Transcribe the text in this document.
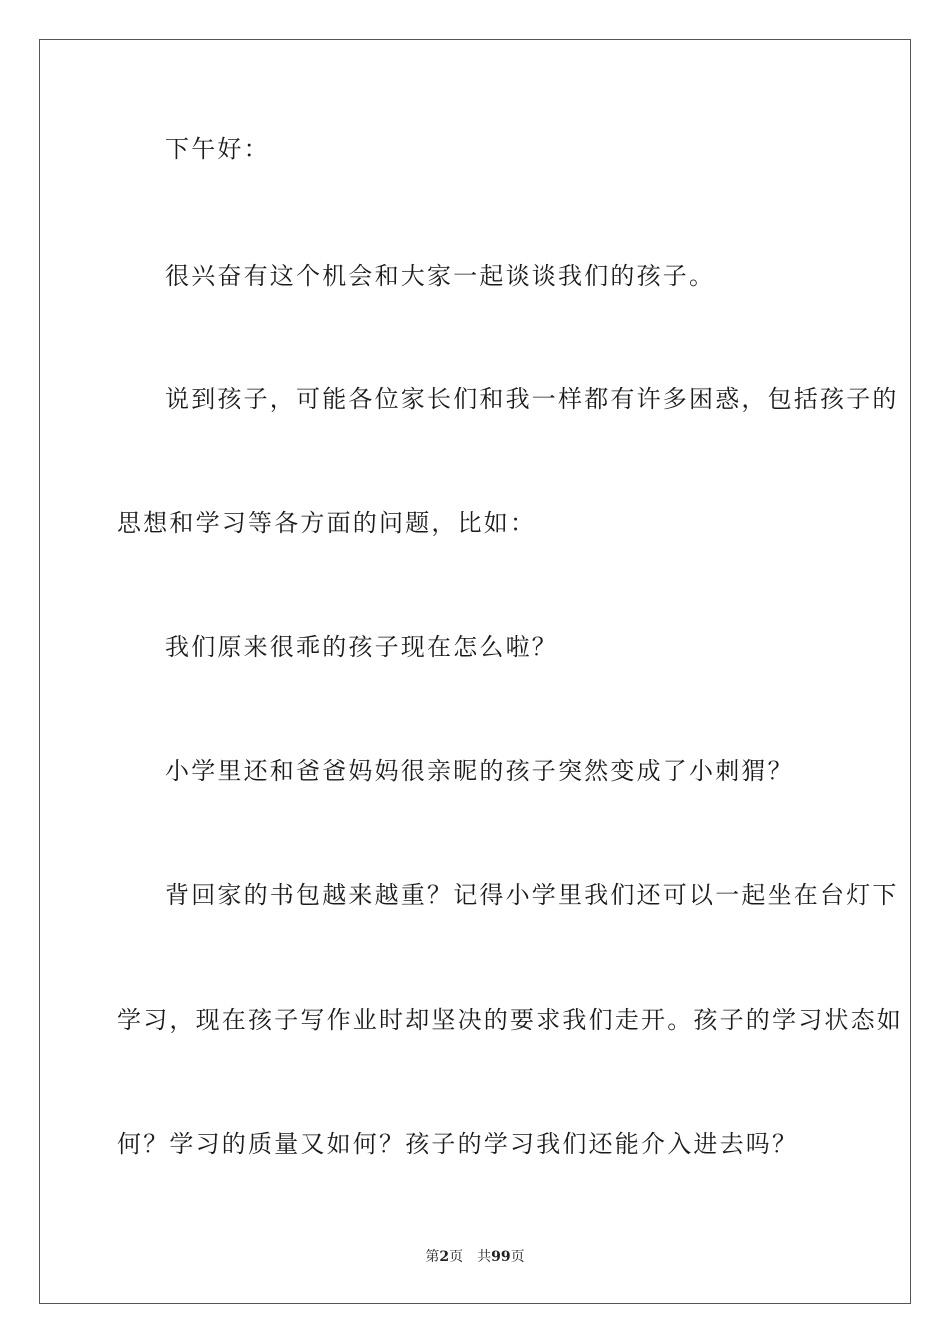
下午好：
很兴奋有这个机会和大家一起谈谈我们的孩子。
说到孩子，可能各位家长们和我一样都有许多困惑，包括孩子的
思想和学习等各方面的问题，比如：
我们原来很乖的孩子现在怎么啦？
小学里还和爸爸妈妈很亲昵的孩子突然变成了小刺猬？
背回家的书包越来越重？记得小学里我们还可以一起坐在台灯下
学习，现在孩子写作业时却坚决的要求我们走开。孩子的学习状态如
何？学习的质量又如何？孩子的学习我们还能介入进去吗？
第2页 共99页
